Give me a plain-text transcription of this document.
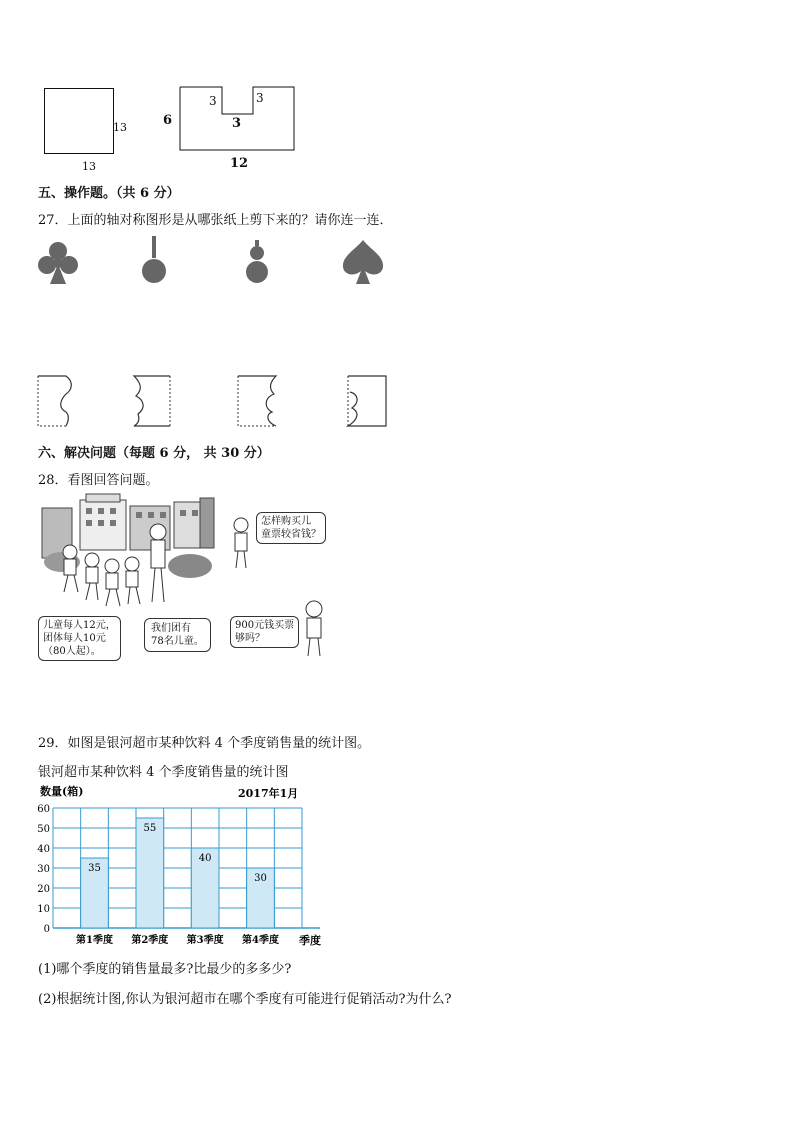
13
13
6
3	3
3
12
五、操作题。（共 6 分）
27．上面的轴对称图形是从哪张纸上剪下来的？请你连一连．
六、解决问题（每题 6 分， 共 30 分）
28．看图回答问题。
儿童每人12元，
团体每人10元
（80人起）。
我们团有
78名儿童。
怎样购买儿
童票较省钱？
900元钱买票
够吗？
29．如图是银河超市某种饮料 4 个季度销售量的统计图。
银河超市某种饮料 4 个季度销售量的统计图
数量(箱)	2017年1月
季度
0
10
20
30
40
50
60
35
第1季度
55
第2季度
40
第3季度
30
第4季度
(1)哪个季度的销售量最多?比最少的多多少?
(2)根据统计图,你认为银河超市在哪个季度有可能进行促销活动?为什么?
